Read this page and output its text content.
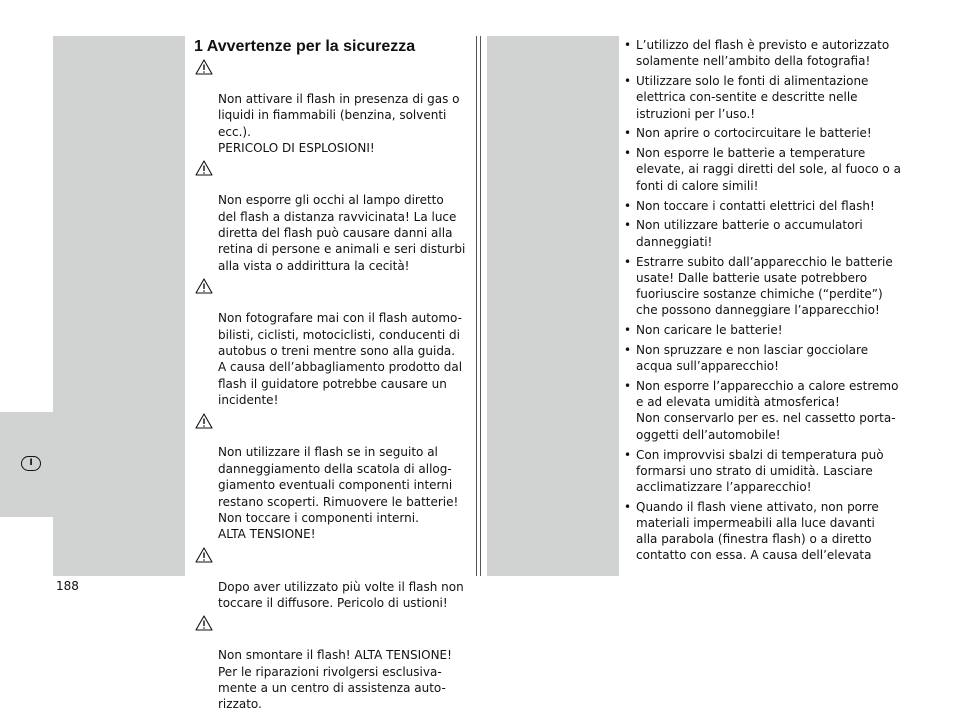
I
1 Avvertenze per la sicurezza

Non attivare il flash in presenza di gas o
liquidi in fiammabili (benzina, solventi
ecc.).
PERICOLO DI ESPLOSIONI!

Non esporre gli occhi al lampo diretto
del flash a distanza ravvicinata! La luce
diretta del flash può causare danni alla
retina di persone e animali e seri disturbi
alla vista o addirittura la cecità!

Non fotografare mai con il flash automo-
bilisti, ciclisti, motociclisti, conducenti di
autobus o treni mentre sono alla guida.
A causa dell’abbagliamento prodotto dal
flash il guidatore potrebbe causare un
incidente!

Non utilizzare il flash se in seguito al
danneggiamento della scatola di allog-
giamento eventuali componenti interni
restano scoperti. Rimuovere le batterie!
Non toccare i componenti interni.
ALTA TENSIONE!

Dopo aver utilizzato più volte il flash non
toccare il diffusore. Pericolo di ustioni!

Non smontare il flash! ALTA TENSIONE!
Per le riparazioni rivolgersi esclusiva-
mente a un centro di assistenza auto-
rizzato.

• L’utilizzo del flash è previsto e autorizzato
solamente nell’ambito della fotografia!
• Utilizzare solo le fonti di alimentazione
elettrica con-sentite e descritte nelle
istruzioni per l’uso.!
• Non aprire o cortocircuitare le batterie!
• Non esporre le batterie a temperature
elevate, ai raggi diretti del sole, al fuoco o a
fonti di calore simili!
• Non toccare i contatti elettrici del flash!
• Non utilizzare batterie o accumulatori
danneggiati!
• Estrarre subito dall’apparecchio le batterie
usate! Dalle batterie usate potrebbero
fuoriuscire sostanze chimiche (“perdite”)
che possono danneggiare l’apparecchio!
• Non caricare le batterie!
• Non spruzzare e non lasciar gocciolare
acqua sull’apparecchio!
• Non esporre l’apparecchio a calore estremo
e ad elevata umidità atmosferica!
Non conservarlo per es. nel cassetto porta-
oggetti dell’automobile!
• Con improvvisi sbalzi di temperatura può
formarsi uno strato di umidità. Lasciare
acclimatizzare l’apparecchio!
• Quando il flash viene attivato, non porre
materiali impermeabili alla luce davanti
alla parabola (finestra flash) o a diretto
contatto con essa. A causa dell’elevata
188
